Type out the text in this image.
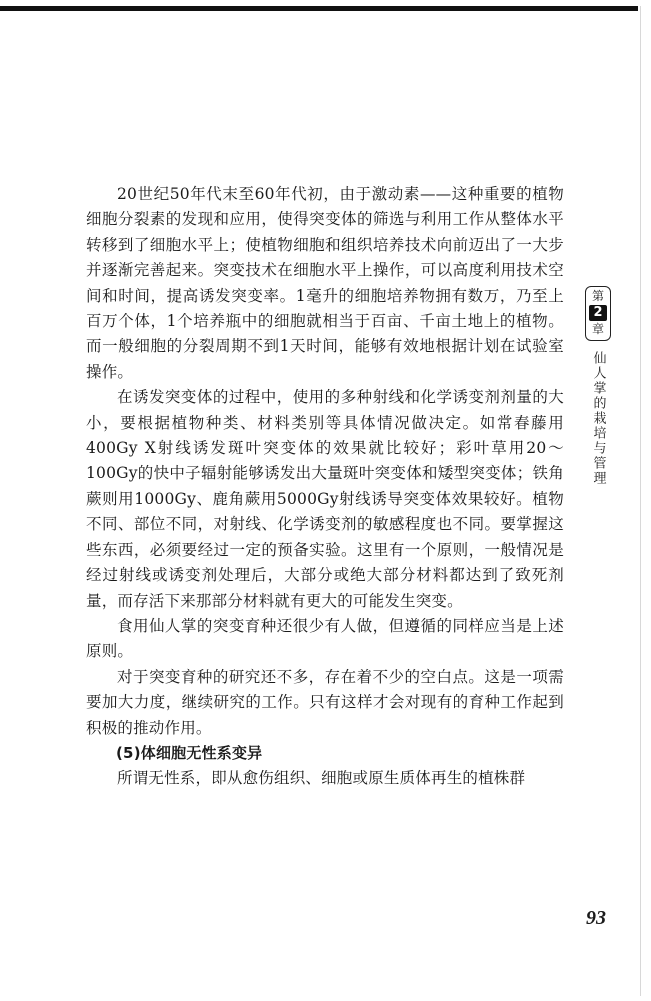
20世纪50年代末至60年代初，由于激动素——这种重要的植物细胞分裂素的发现和应用，使得突变体的筛选与利用工作从整体水平转移到了细胞水平上；使植物细胞和组织培养技术向前迈出了一大步并逐渐完善起来。突变技术在细胞水平上操作，可以高度利用技术空间和时间，提高诱发突变率。1毫升的细胞培养物拥有数万，乃至上百万个体，1个培养瓶中的细胞就相当于百亩、千亩土地上的植物。而一般细胞的分裂周期不到1天时间，能够有效地根据计划在试验室操作。

在诱发突变体的过程中，使用的多种射线和化学诱变剂剂量的大小，要根据植物种类、材料类别等具体情况做决定。如常春藤用400Gy X射线诱发斑叶突变体的效果就比较好；彩叶草用20～100Gy的快中子辐射能够诱发出大量斑叶突变体和矮型突变体；铁角蕨则用1000Gy、鹿角蕨用5000Gy射线诱导突变体效果较好。植物不同、部位不同，对射线、化学诱变剂的敏感程度也不同。要掌握这些东西，必须要经过一定的预备实验。这里有一个原则，一般情况是经过射线或诱变剂处理后，大部分或绝大部分材料都达到了致死剂量，而存活下来那部分材料就有更大的可能发生突变。

食用仙人掌的突变育种还很少有人做，但遵循的同样应当是上述原则。

对于突变育种的研究还不多，存在着不少的空白点。这是一项需要加大力度，继续研究的工作。只有这样才会对现有的育种工作起到积极的推动作用。

(5)体细胞无性系变异

所谓无性系，即从愈伤组织、细胞或原生质体再生的植株群

第
2
章
仙人掌的栽培与管理
93
